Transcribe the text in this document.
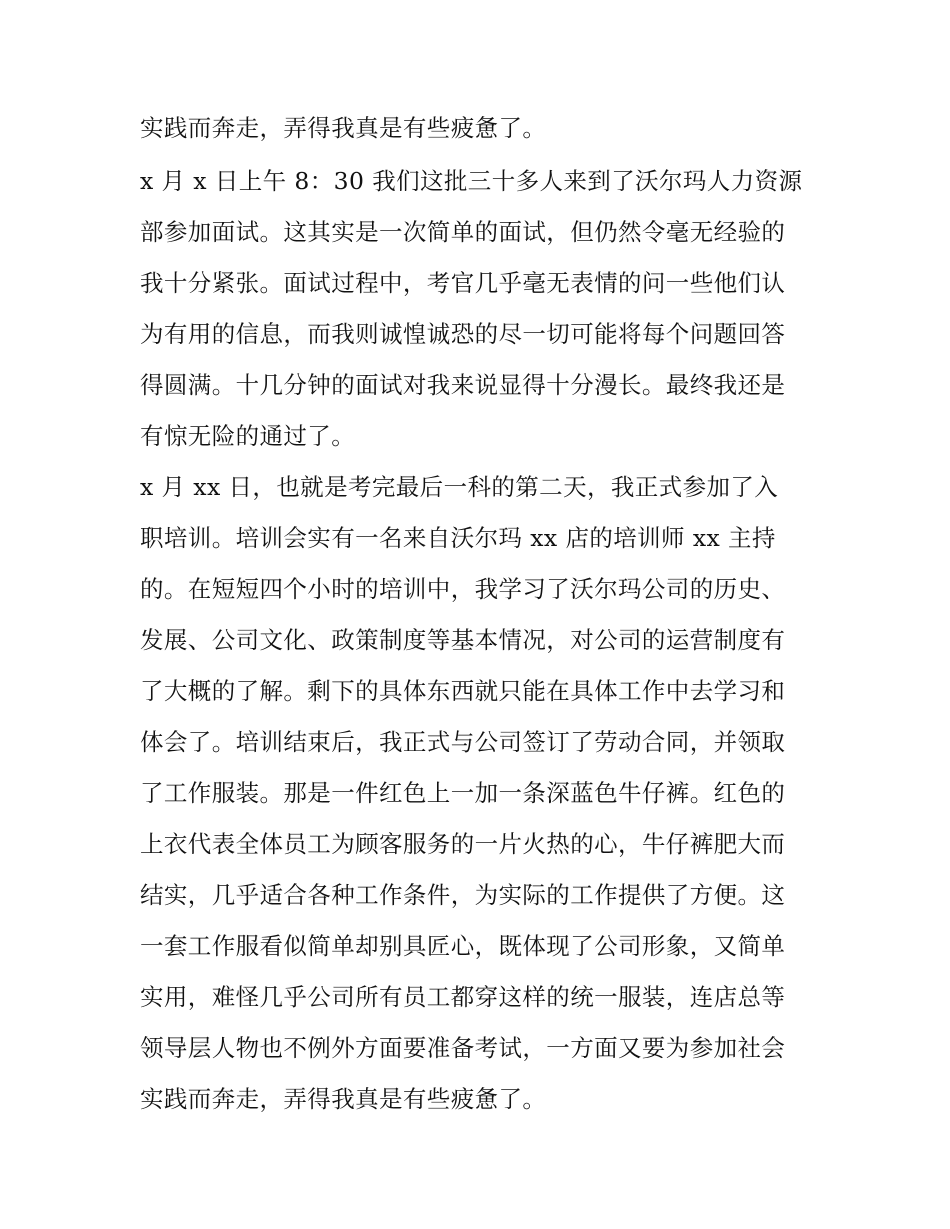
实践而奔走，弄得我真是有些疲惫了。
x 月 x 日上午 8：30 我们这批三十多人来到了沃尔玛人力资源
部参加面试。这其实是一次简单的面试，但仍然令毫无经验的
我十分紧张。面试过程中，考官几乎毫无表情的问一些他们认
为有用的信息，而我则诚惶诚恐的尽一切可能将每个问题回答
得圆满。十几分钟的面试对我来说显得十分漫长。最终我还是
有惊无险的通过了。
x 月 xx 日，也就是考完最后一科的第二天，我正式参加了入
职培训。培训会实有一名来自沃尔玛 xx 店的培训师 xx 主持
的。在短短四个小时的培训中，我学习了沃尔玛公司的历史、
发展、公司文化、政策制度等基本情况，对公司的运营制度有
了大概的了解。剩下的具体东西就只能在具体工作中去学习和
体会了。培训结束后，我正式与公司签订了劳动合同，并领取
了工作服装。那是一件红色上一加一条深蓝色牛仔裤。红色的
上衣代表全体员工为顾客服务的一片火热的心，牛仔裤肥大而
结实，几乎适合各种工作条件，为实际的工作提供了方便。这
一套工作服看似简单却别具匠心，既体现了公司形象，又简单
实用，难怪几乎公司所有员工都穿这样的统一服装，连店总等
领导层人物也不例外方面要准备考试，一方面又要为参加社会
实践而奔走，弄得我真是有些疲惫了。
